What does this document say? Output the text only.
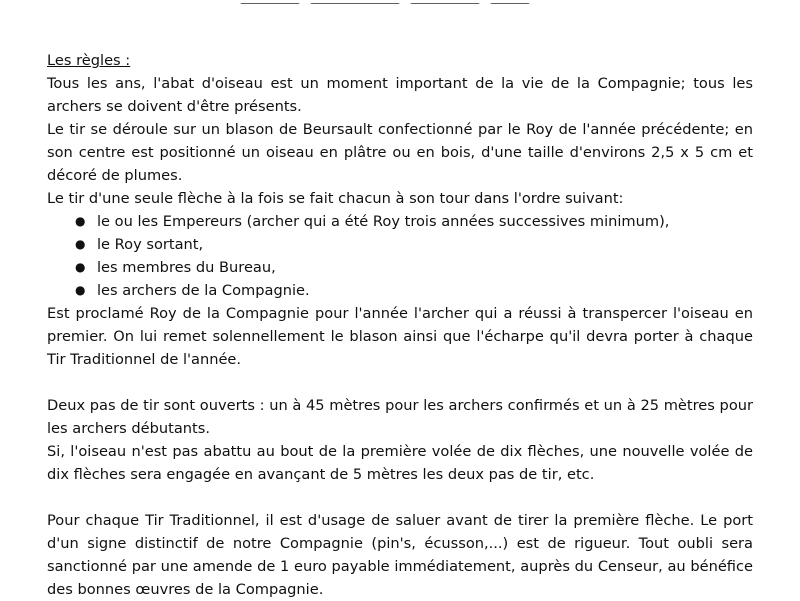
Les règles :

Tous les ans, l'abat d'oiseau est un moment important de la vie de la Compagnie; tous les archers se doivent d'être présents.

Le tir se déroule sur un blason de Beursault confectionné par le Roy de l'année précédente; en son centre est positionné un oiseau en plâtre ou en bois, d'une taille d'environs 2,5 x 5 cm et décoré de plumes.

Le tir d'une seule flèche à la fois se fait chacun à son tour dans l'ordre suivant:

● le ou les Empereurs (archer qui a été Roy trois années successives minimum),
● le Roy sortant,
● les membres du Bureau,
● les archers de la Compagnie.

Est proclamé Roy de la Compagnie pour l'année l'archer qui a réussi à transpercer l'oiseau en premier. On lui remet solennellement le blason ainsi que l'écharpe qu'il devra porter à chaque Tir Traditionnel de l'année.

Deux pas de tir sont ouverts : un à 45 mètres pour les archers confirmés et un à 25 mètres pour les archers débutants.

Si, l'oiseau n'est pas abattu au bout de la première volée de dix flèches, une nouvelle volée de dix flèches sera engagée en avançant de 5 mètres les deux pas de tir, etc.

Pour chaque Tir Traditionnel, il est d'usage de saluer avant de tirer la première flèche. Le port d'un signe distinctif de notre Compagnie (pin's, écusson,...) est de rigueur. Tout oubli sera sanctionné par une amende de 1 euro payable immédiatement, auprès du Censeur, au bénéfice des bonnes œuvres de la Compagnie.
